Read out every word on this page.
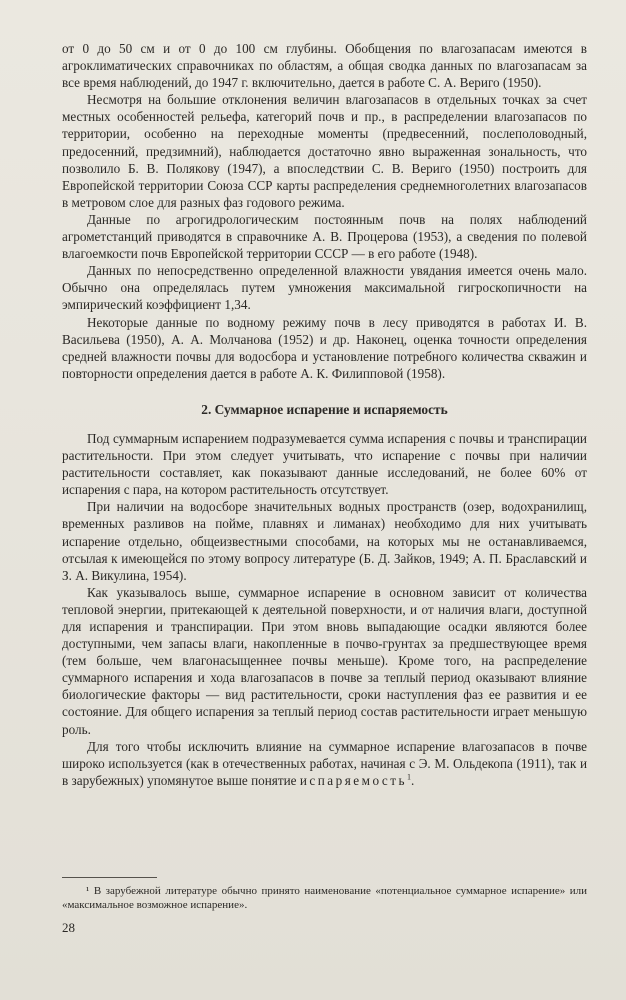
от 0 до 50 см и от 0 до 100 см глубины. Обобщения по влагозапасам имеются в агроклиматических справочниках по областям, а общая сводка данных по влагозапасам за все время наблюдений, до 1947 г. включительно, дается в работе С. А. Вериго (1950).

Несмотря на большие отклонения величин влагозапасов в отдельных точках за счет местных особенностей рельефа, категорий почв и пр., в распределении влагозапасов по территории, особенно на переходные моменты (предвесенний, послеполоводный, предосенний, предзимний), наблюдается достаточно явно выраженная зональность, что позволило Б. В. Полякову (1947), а впоследствии С. В. Вериго (1950) построить для Европейской территории Союза ССР карты распределения среднемноголетних влагозапасов в метровом слое для разных фаз годового режима.

Данные по агрогидрологическим постоянным почв на полях наблюдений агрометстанций приводятся в справочнике А. В. Процерова (1953), а сведения по полевой влагоемкости почв Европейской территории СССР — в его работе (1948).

Данных по непосредственно определенной влажности увядания имеется очень мало. Обычно она определялась путем умножения максимальной гигроскопичности на эмпирический коэффициент 1,34.

Некоторые данные по водному режиму почв в лесу приводятся в работах И. В. Васильева (1950), А. А. Молчанова (1952) и др. Наконец, оценка точности определения средней влажности почвы для водосбора и установление потребного количества скважин и повторности определения дается в работе А. К. Филипповой (1958).

2. Суммарное испарение и испаряемость

Под суммарным испарением подразумевается сумма испарения с почвы и транспирации растительности. При этом следует учитывать, что испарение с почвы при наличии растительности составляет, как показывают данные исследований, не более 60% от испарения с пара, на котором растительность отсутствует.

При наличии на водосборе значительных водных пространств (озер, водохранилищ, временных разливов на пойме, плавнях и лиманах) необходимо для них учитывать испарение отдельно, общеизвестными способами, на которых мы не останавливаемся, отсылая к имеющейся по этому вопросу литературе (Б. Д. Зайков, 1949; А. П. Браславский и З. А. Викулина, 1954).

Как указывалось выше, суммарное испарение в основном зависит от количества тепловой энергии, притекающей к деятельной поверхности, и от наличия влаги, доступной для испарения и транспирации. При этом вновь выпадающие осадки являются более доступными, чем запасы влаги, накопленные в почво-грунтах за предшествующее время (тем больше, чем влагонасыщеннее почвы меньше). Кроме того, на распределение суммарного испарения и хода влагозапасов в почве за теплый период оказывают влияние биологические факторы — вид растительности, сроки наступления фаз ее развития и ее состояние. Для общего испарения за теплый период состав растительности играет меньшую роль.

Для того чтобы исключить влияние на суммарное испарение влагозапасов в почве широко используется (как в отечественных работах, начиная с Э. М. Ольдекопа (1911), так и в зарубежных) упомянутое выше понятие испаряемость$^1$.

¹ В зарубежной литературе обычно принято наименование «потенциальное суммарное испарение» или «максимальное возможное испарение».
28
